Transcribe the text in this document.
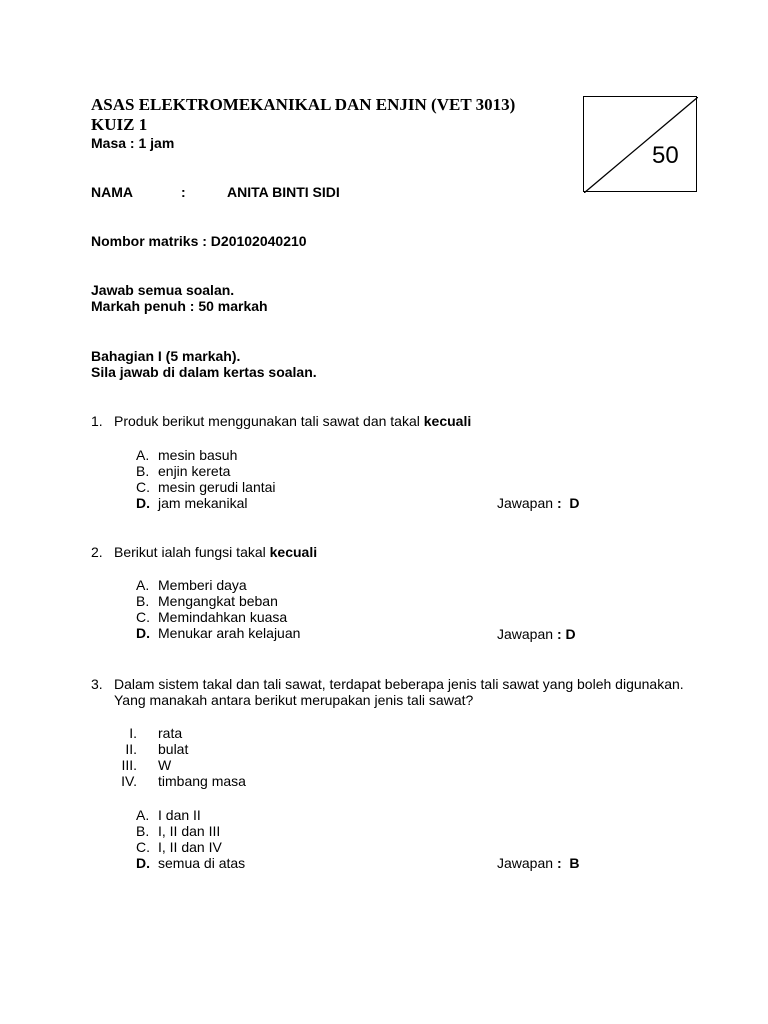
ASAS ELEKTROMEKANIKAL DAN ENJIN (VET 3013)
KUIZ 1
Masa : 1 jam	50
NAMA	:	ANITA BINTI SIDI
Nombor matriks : D20102040210
Jawab semua soalan.
Markah penuh : 50 markah
Bahagian I (5 markah).
Sila jawab di dalam kertas soalan.
1. Produk berikut menggunakan tali sawat dan takal kecuali
A. mesin basuh
B. enjin kereta
C. mesin gerudi lantai
D. jam mekanikal	Jawapan : D
2. Berikut ialah fungsi takal kecuali
A. Memberi daya
B. Mengangkat beban
C. Memindahkan kuasa
D. Menukar arah kelajuan	Jawapan : D
3. Dalam sistem takal dan tali sawat, terdapat beberapa jenis tali sawat yang boleh digunakan.
Yang manakah antara berikut merupakan jenis tali sawat?
I. rata
II. bulat
III. W
IV. timbang masa
A. I dan II
B. I, II dan III
C. I, II dan IV
D. semua di atas	Jawapan : B
